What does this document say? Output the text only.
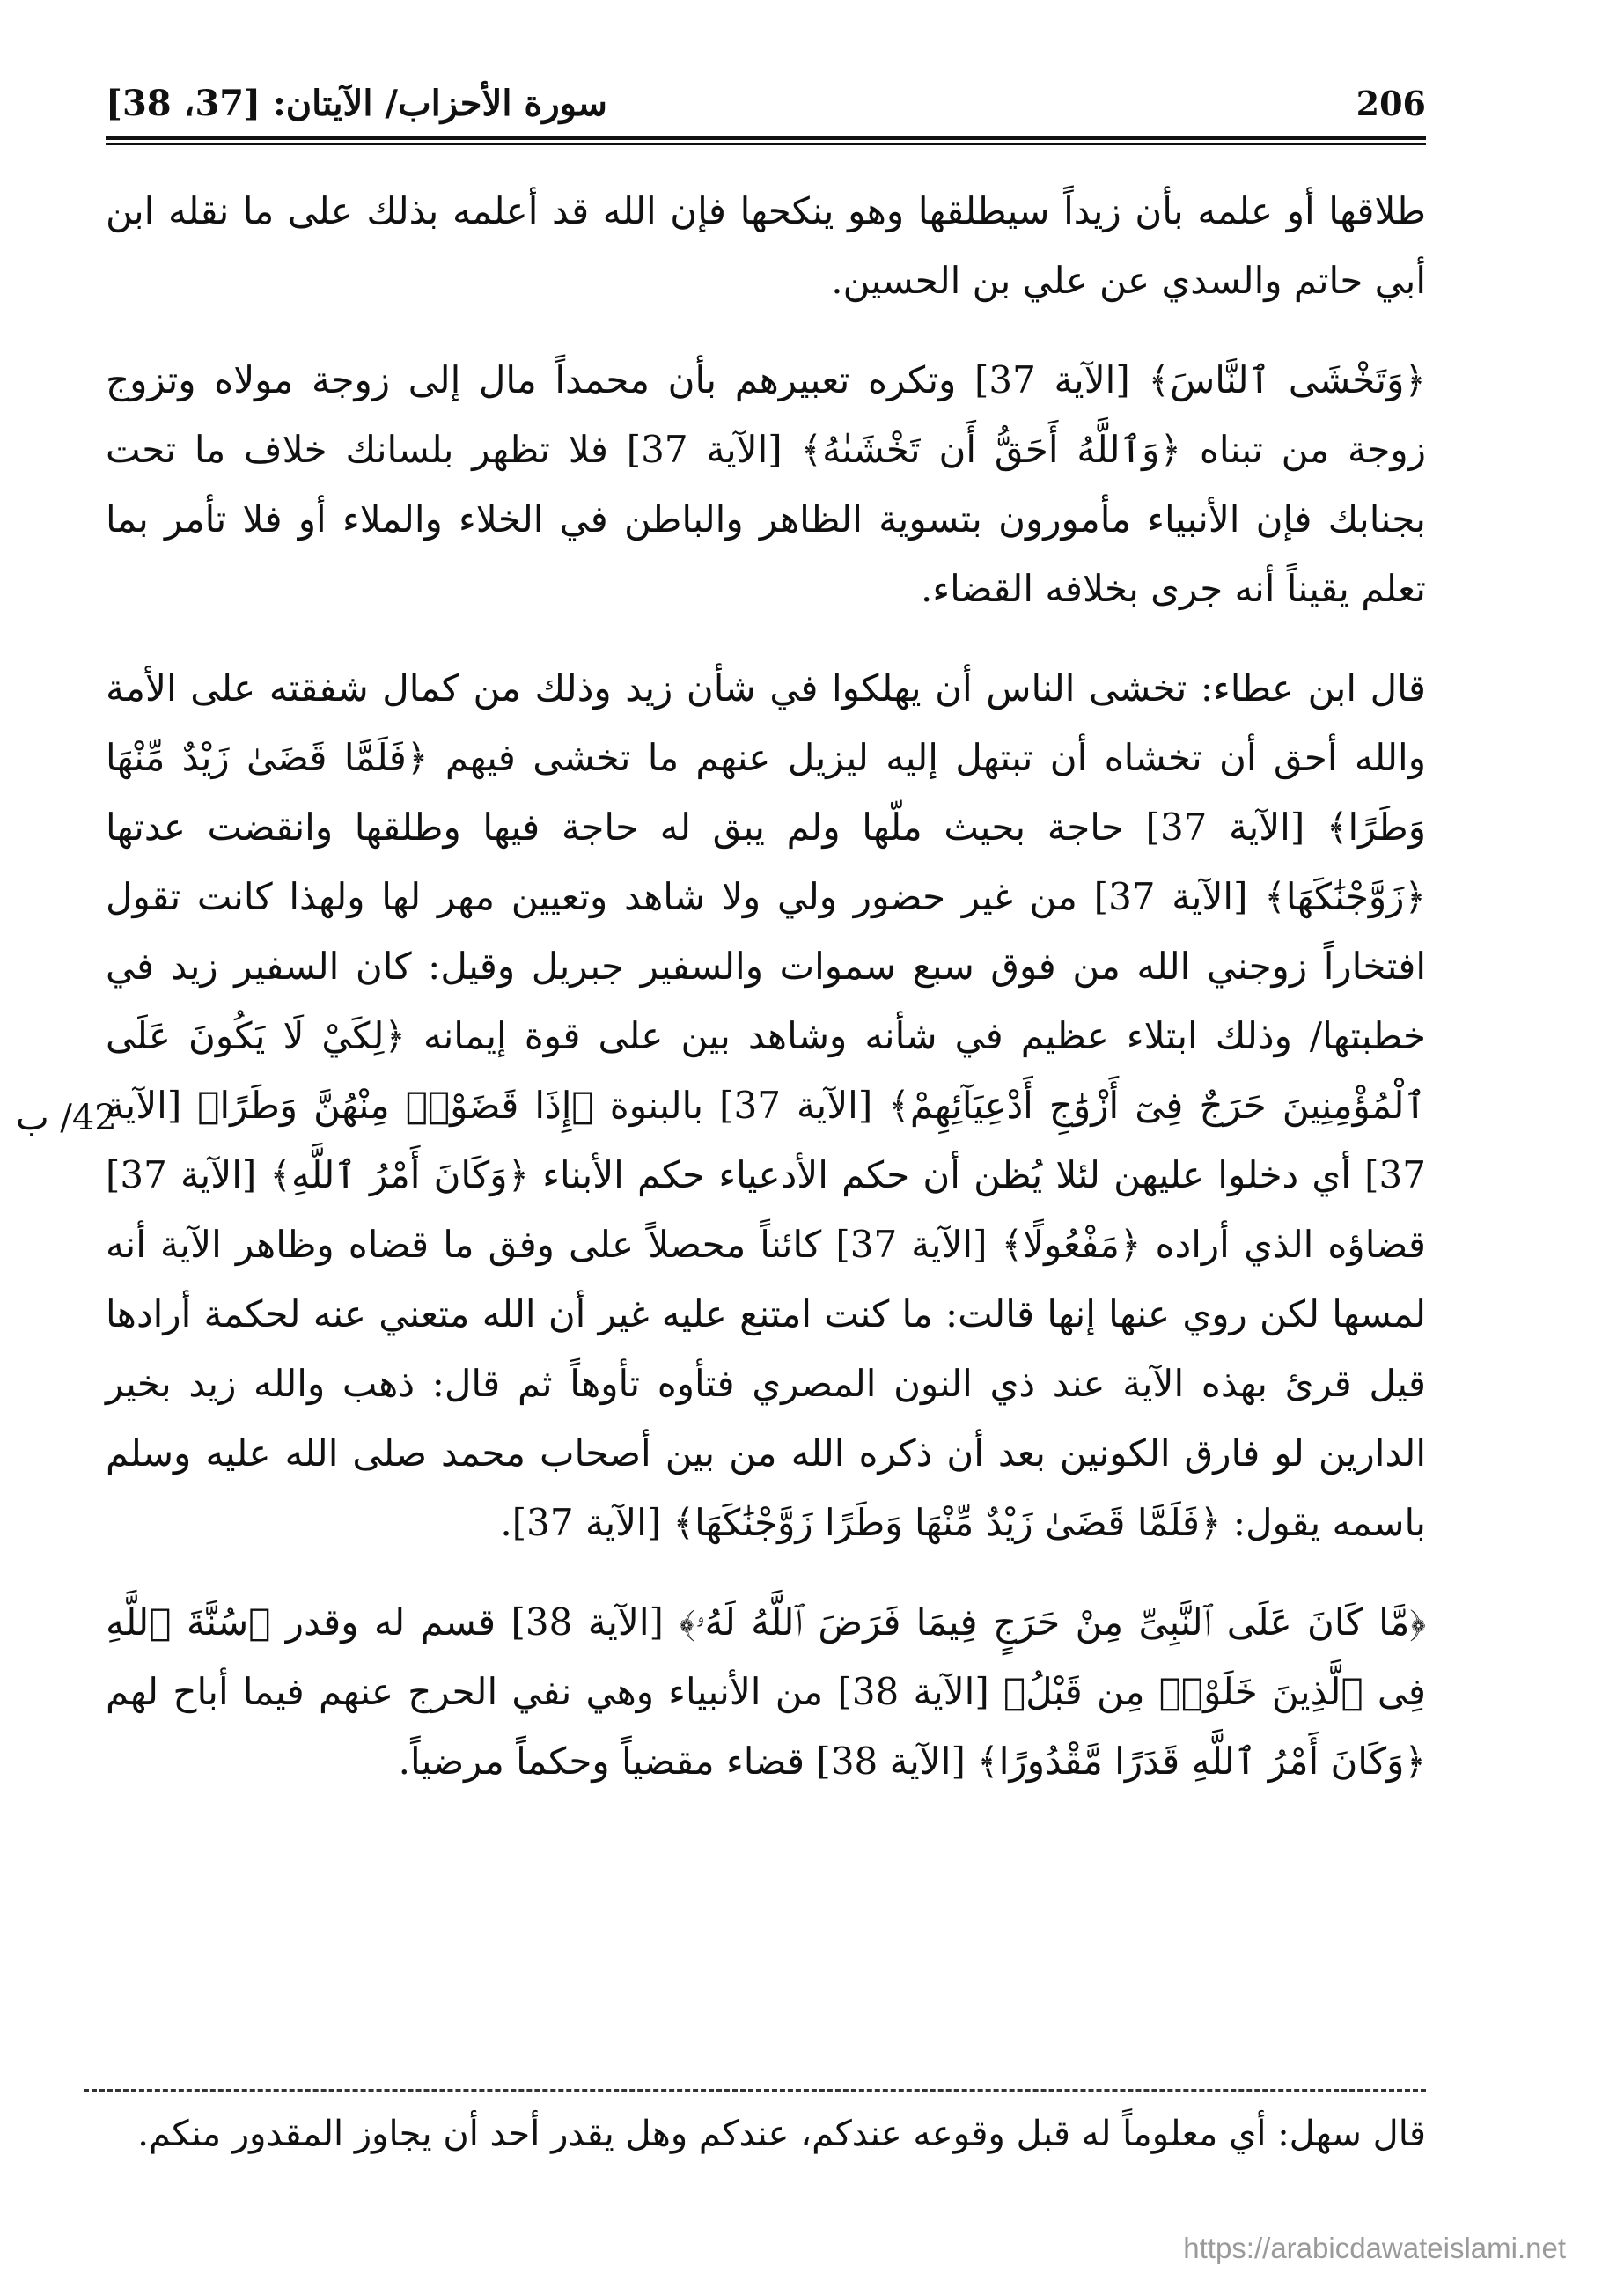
206
سورة الأحزاب/ الآيتان: [37، 38]

طلاقها أو علمه بأن زيداً سيطلقها وهو ينكحها فإن الله قد أعلمه بذلك على ما نقله ابن أبي حاتم والسدي عن علي بن الحسين.

﴿وَتَخْشَى ٱلنَّاسَ﴾ [الآية 37] وتكره تعبيرهم بأن محمداً مال إلى زوجة مولاه وتزوج زوجة من تبناه ﴿وَٱللَّهُ أَحَقُّ أَن تَخْشَىٰهُ﴾ [الآية 37] فلا تظهر بلسانك خلاف ما تحت بجنابك فإن الأنبياء مأمورون بتسوية الظاهر والباطن في الخلاء والملاء أو فلا تأمر بما تعلم يقيناً أنه جرى بخلافه القضاء.

قال ابن عطاء: تخشى الناس أن يهلكوا في شأن زيد وذلك من كمال شفقته على الأمة والله أحق أن تخشاه أن تبتهل إليه ليزيل عنهم ما تخشى فيهم ﴿فَلَمَّا قَضَىٰ زَيْدٌ مِّنْهَا وَطَرًا﴾ [الآية 37] حاجة بحيث ملّها ولم يبق له حاجة فيها وطلقها وانقضت عدتها ﴿زَوَّجْنَٰكَهَا﴾ [الآية 37] من غير حضور ولي ولا شاهد وتعيين مهر لها ولهذا كانت تقول افتخاراً زوجني الله من فوق سبع سموات والسفير جبريل وقيل: كان السفير زيد في خطبتها/ وذلك ابتلاء عظيم في شأنه وشاهد بين على قوة إيمانه ﴿لِكَيْ لَا يَكُونَ عَلَى ٱلْمُؤْمِنِينَ حَرَجٌ فِىٓ أَزْوَٰجِ أَدْعِيَآئِهِمْ﴾ [الآية 37] بالبنوة ﴿إِذَا قَضَوْا۟ مِنْهُنَّ وَطَرًا﴾ [الآية 37] أي دخلوا عليهن لئلا يُظن أن حكم الأدعياء حكم الأبناء ﴿وَكَانَ أَمْرُ ٱللَّهِ﴾ [الآية 37] قضاؤه الذي أراده ﴿مَفْعُولًا﴾ [الآية 37] كائناً محصلاً على وفق ما قضاه وظاهر الآية أنه لمسها لكن روي عنها إنها قالت: ما كنت امتنع عليه غير أن الله متعني عنه لحكمة أرادها قيل قرئ بهذه الآية عند ذي النون المصري فتأوه تأوهاً ثم قال: ذهب والله زيد بخير الدارين لو فارق الكونين بعد أن ذكره الله من بين أصحاب محمد صلى الله عليه وسلم باسمه يقول: ﴿فَلَمَّا قَضَىٰ زَيْدٌ مِّنْهَا وَطَرًا زَوَّجْنَٰكَهَا﴾ [الآية 37].

﴿مَّا كَانَ عَلَى ٱلنَّبِىِّ مِنْ حَرَجٍ فِيمَا فَرَضَ ٱللَّهُ لَهُۥ﴾ [الآية 38] قسم له وقدر ﴿سُنَّةَ ٱللَّهِ فِى ٱلَّذِينَ خَلَوْا۟ مِن قَبْلُ﴾ [الآية 38] من الأنبياء وهي نفي الحرج عنهم فيما أباح لهم ﴿وَكَانَ أَمْرُ ٱللَّهِ قَدَرًا مَّقْدُورًا﴾ [الآية 38] قضاء مقضياً وحكماً مرضياً.

42/ ب

قال سهل: أي معلوماً له قبل وقوعه عندكم، عندكم وهل يقدر أحد أن يجاوز المقدور منكم.

https://arabicdawateislami.net
